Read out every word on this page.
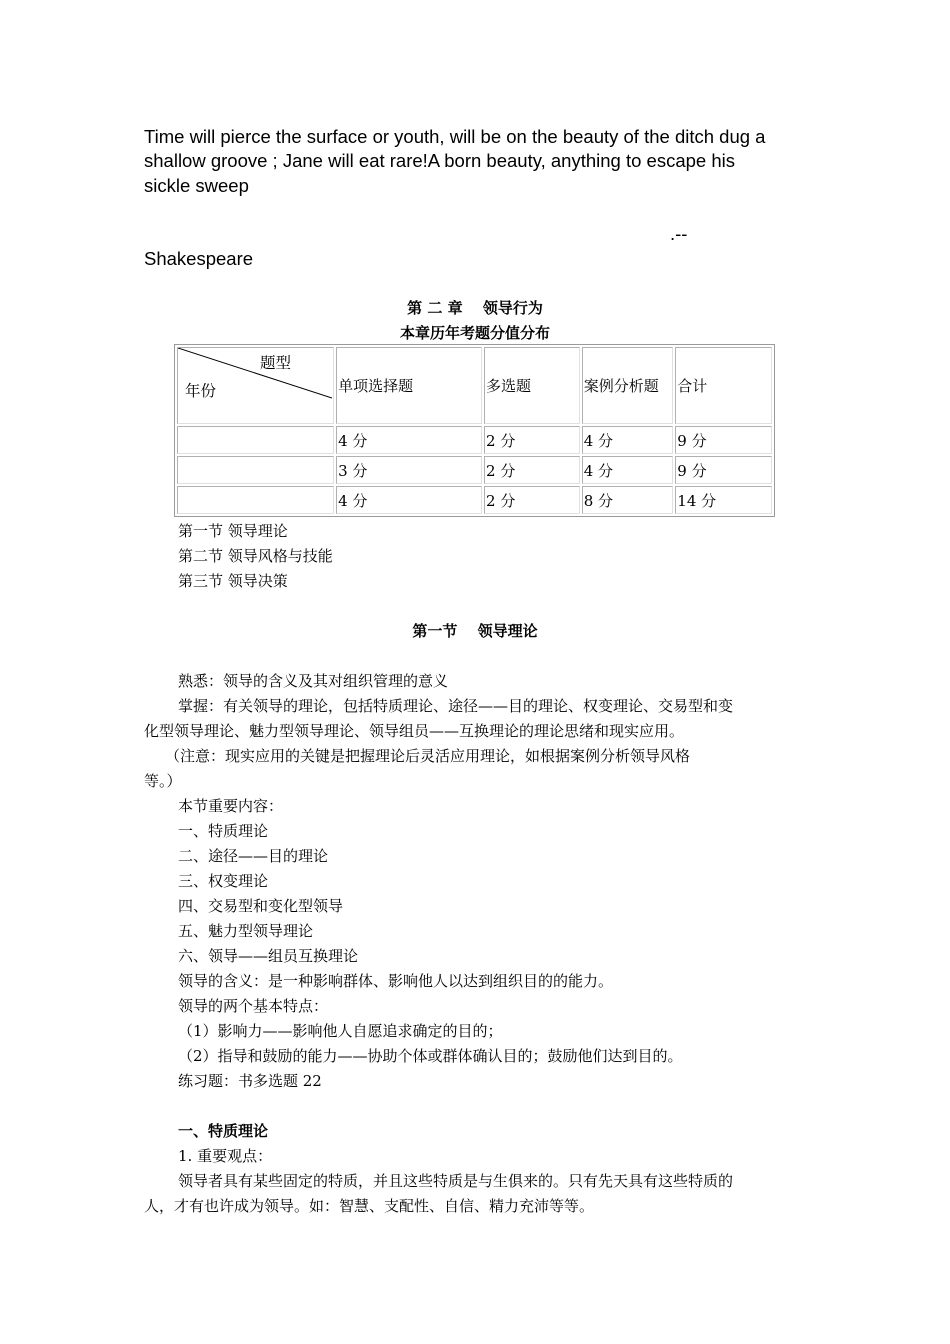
Time will pierce the surface or youth, will be on the beauty of the ditch dug a
shallow groove ; Jane will eat rare!A born beauty, anything to escape his
sickle sweep
.--
Shakespeare
第 二 章　 领导行为
本章历年考题分值分布
题型
年份	单项选择题	多选题	案例分析题	合计
	4 分	2 分	4 分	9 分
	3 分	2 分	4 分	9 分
	4 分	2 分	8 分	14 分
第一节 领导理论
第二节 领导风格与技能
第三节 领导决策
第一节　 领导理论
熟悉：领导的含义及其对组织管理的意义
掌握：有关领导的理论，包括特质理论、途径——目的理论、权变理论、交易型和变
化型领导理论、魅力型领导理论、领导组员——互换理论的理论思绪和现实应用。
（注意：现实应用的关键是把握理论后灵活应用理论，如根据案例分析领导风格
等。）
本节重要内容：
一、特质理论
二、途径——目的理论
三、权变理论
四、交易型和变化型领导
五、魅力型领导理论
六、领导——组员互换理论
领导的含义：是一种影响群体、影响他人以达到组织目的的能力。
领导的两个基本特点：
（1）影响力——影响他人自愿追求确定的目的；
（2）指导和鼓励的能力——协助个体或群体确认目的；鼓励他们达到目的。
练习题：书多选题 22
一、特质理论
1. 重要观点：
领导者具有某些固定的特质，并且这些特质是与生俱来的。只有先天具有这些特质的
人，才有也许成为领导。如：智慧、支配性、自信、精力充沛等等。
